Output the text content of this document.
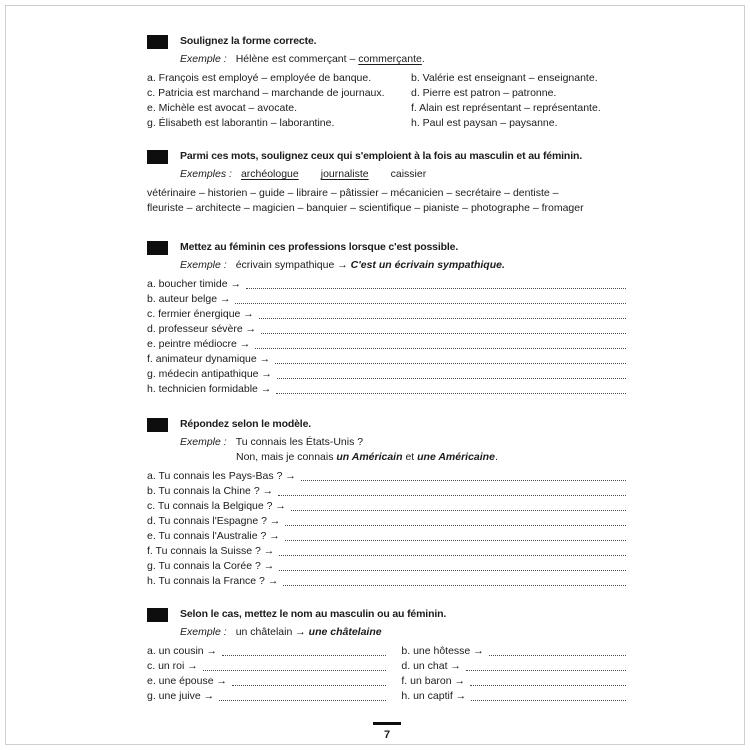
Soulignez la forme correcte.
Exemple : Hélène est commerçant – commerçante.
a. François est employé – employée de banque.
c. Patricia est marchand – marchande de journaux.
e. Michèle est avocat – avocate.
g. Élisabeth est laborantin – laborantine.
b. Valérie est enseignant – enseignante.
d. Pierre est patron – patronne.
f. Alain est représentant – représentante.
h. Paul est paysan – paysanne.
Parmi ces mots, soulignez ceux qui s'emploient à la fois au masculin et au féminin.
Exemples : archéologue journaliste caissier
vétérinaire – historien – guide – libraire – pâtissier – mécanicien – secrétaire – dentiste –
fleuriste – architecte – magicien – banquier – scientifique – pianiste – photographe – fromager
Mettez au féminin ces professions lorsque c'est possible.
Exemple : écrivain sympathique → C'est un écrivain sympathique.
a. boucher timide →
b. auteur belge →
c. fermier énergique →
d. professeur sévère →
e. peintre médiocre →
f. animateur dynamique →
g. médecin antipathique →
h. technicien formidable →
Répondez selon le modèle.
Exemple : Tu connais les États-Unis ?
Non, mais je connais un Américain et une Américaine.
a. Tu connais les Pays-Bas ? →
b. Tu connais la Chine ? →
c. Tu connais la Belgique ? →
d. Tu connais l'Espagne ? →
e. Tu connais l'Australie ? →
f. Tu connais la Suisse ? →
g. Tu connais la Corée ? →
h. Tu connais la France ? →
Selon le cas, mettez le nom au masculin ou au féminin.
Exemple : un châtelain → une châtelaine
a. un cousin →
c. un roi →
e. une épouse →
g. une juive →
b. une hôtesse →
d. un chat →
f. un baron →
h. un captif →
7
